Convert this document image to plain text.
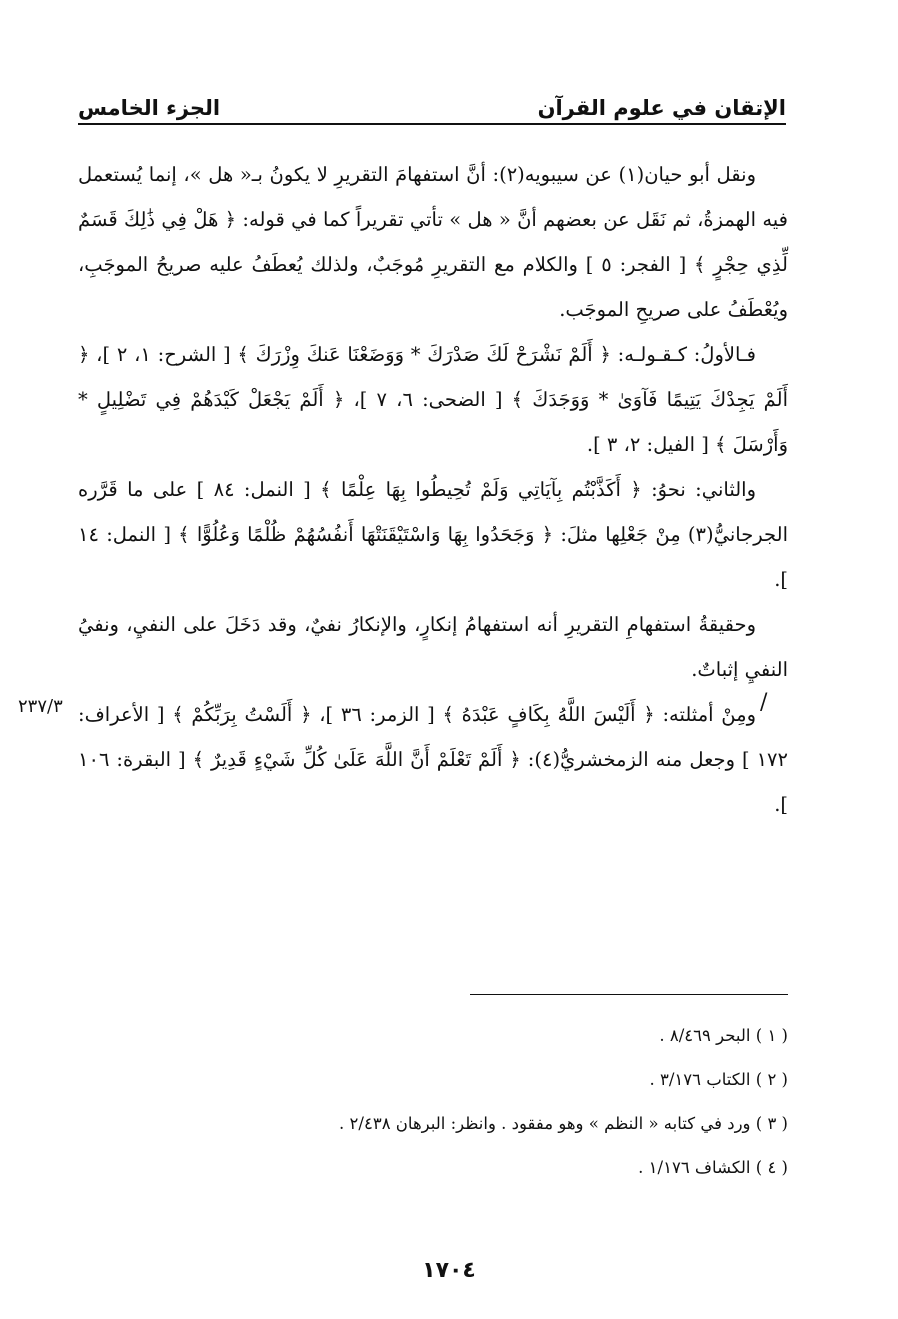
الإتقان في علوم القرآن
الجزء الخامس

ونقل أبو حيان(١) عن سيبويه(٢): أنَّ استفهامَ التقريرِ لا يكونُ بـ« هل »، إنما يُستعمل فيه الهمزةُ، ثم نَقَل عن بعضهم أنَّ « هل » تأتي تقريراً كما في قوله: ﴿ هَلْ فِي ذَٰلِكَ قَسَمٌ لِّذِي حِجْرٍ ﴾ [ الفجر: ٥ ] والكلام مع التقريرِ مُوجَبٌ، ولذلك يُعطَفُ عليه صريحُ الموجَبِ، ويُعْطَفُ على صريحِ الموجَب.

فـالأولُ: كـقـولـه: ﴿ أَلَمْ نَشْرَحْ لَكَ صَدْرَكَ * وَوَضَعْنَا عَنكَ وِزْرَكَ ﴾ [ الشرح: ١، ٢ ]، ﴿ أَلَمْ يَجِدْكَ يَتِيمًا فَآوَىٰ * وَوَجَدَكَ ﴾ [ الضحى: ٦، ٧ ]، ﴿ أَلَمْ يَجْعَلْ كَيْدَهُمْ فِي تَضْلِيلٍ * وَأَرْسَلَ ﴾ [ الفيل: ٢، ٣ ].

والثاني: نحوُ: ﴿ أَكَذَّبْتُم بِآيَاتِي وَلَمْ تُحِيطُوا بِهَا عِلْمًا ﴾ [ النمل: ٨٤ ] على ما قَرَّره الجرجانيُّ(٣) مِنْ جَعْلِها مثلَ: ﴿ وَجَحَدُوا بِهَا وَاسْتَيْقَنَتْهَا أَنفُسُهُمْ ظُلْمًا وَعُلُوًّا ﴾ [ النمل: ١٤ ].

وحقيقةُ استفهامِ التقريرِ أنه استفهامُ إنكارٍ، والإنكارُ نفيٌ، وقد دَخَلَ على النفيِ، ونفيُ النفيِ إثباتٌ.

ومِنْ أمثلته: ﴿ أَلَيْسَ اللَّهُ بِكَافٍ عَبْدَهُ ﴾ [ الزمر: ٣٦ ]، ﴿ أَلَسْتُ بِرَبِّكُمْ ﴾ [ الأعراف: ١٧٢ ] وجعل منه الزمخشريُّ(٤): ﴿ أَلَمْ تَعْلَمْ أَنَّ اللَّهَ عَلَىٰ كُلِّ شَيْءٍ قَدِيرٌ ﴾ [ البقرة: ١٠٦ ].

/
٢٣٧/٣
( ١ ) البحر ٨/٤٦٩ .
( ٢ ) الكتاب ٣/١٧٦ .
( ٣ ) ورد في كتابه « النظم » وهو مفقود . وانظر: البرهان ٢/٤٣٨ .
( ٤ ) الكشاف ١/١٧٦ .
١٧٠٤
